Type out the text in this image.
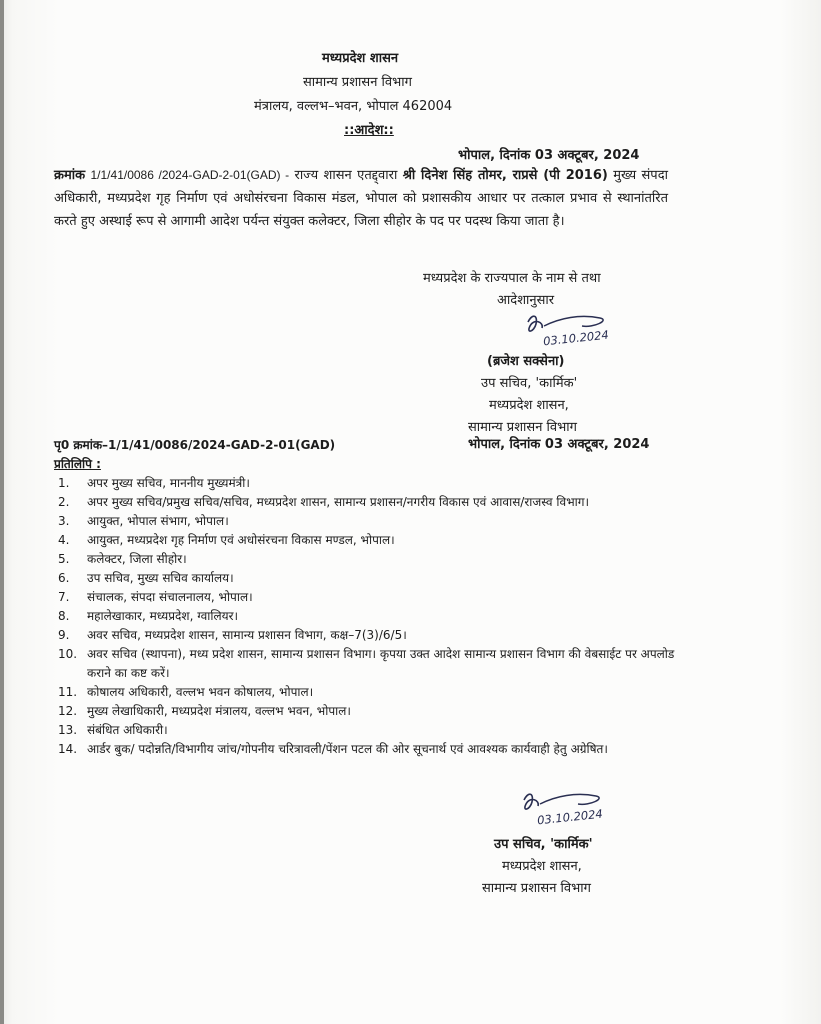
मध्यप्रदेश शासन
सामान्य प्रशासन विभाग
मंत्रालय, वल्लभ–भवन, भोपाल 462004
::आदेश::
भोपाल, दिनांक 03 अक्टूबर, 2024
क्रमांक 1/1/41/0086 /2024-GAD-2-01(GAD) - राज्य शासन एतद्द्वारा श्री दिनेश सिंह तोमर, राप्रसे (पी 2016) मुख्य संपदा अधिकारी, मध्यप्रदेश गृह निर्माण एवं अधोसंरचना विकास मंडल, भोपाल को प्रशासकीय आधार पर तत्काल प्रभाव से स्थानांतरित करते हुए अस्थाई रूप से आगामी आदेश पर्यन्त संयुक्त कलेक्टर, जिला सीहोर के पद पर पदस्थ किया जाता है।
मध्यप्रदेश के राज्यपाल के नाम से तथा
आदेशानुसार
03.10.2024
(ब्रजेश सक्सेना)
उप सचिव, 'कार्मिक'
मध्यप्रदेश शासन,
सामान्य प्रशासन विभाग
पृ0 क्रमांक–1/1/41/0086/2024-GAD-2-01(GAD)	भोपाल, दिनांक 03 अक्टूबर, 2024
प्रतिलिपि :
1. अपर मुख्य सचिव, माननीय मुख्यमंत्री।
2. अपर मुख्य सचिव/प्रमुख सचिव/सचिव, मध्यप्रदेश शासन, सामान्य प्रशासन/नगरीय विकास एवं आवास/राजस्व विभाग।
3. आयुक्त, भोपाल संभाग, भोपाल।
4. आयुक्त, मध्यप्रदेश गृह निर्माण एवं अधोसंरचना विकास मण्डल, भोपाल।
5. कलेक्टर, जिला सीहोर।
6. उप सचिव, मुख्य सचिव कार्यालय।
7. संचालक, संपदा संचालनालय, भोपाल।
8. महालेखाकार, मध्यप्रदेश, ग्वालियर।
9. अवर सचिव, मध्यप्रदेश शासन, सामान्य प्रशासन विभाग, कक्ष–7(3)/6/5।
10. अवर सचिव (स्थापना), मध्य प्रदेश शासन, सामान्य प्रशासन विभाग। कृपया उक्त आदेश सामान्य प्रशासन विभाग की वेबसाईट पर अपलोड कराने का कष्ट करें।
11. कोषालय अधिकारी, वल्लभ भवन कोषालय, भोपाल।
12. मुख्य लेखाधिकारी, मध्यप्रदेश मंत्रालय, वल्लभ भवन, भोपाल।
13. संबंधित अधिकारी।
14. आर्डर बुक/ पदोन्नति/विभागीय जांच/गोपनीय चरित्रावली/पेंशन पटल की ओर सूचनार्थ एवं आवश्यक कार्यवाही हेतु अग्रेषित।
03.10.2024
उप सचिव, 'कार्मिक'
मध्यप्रदेश शासन,
सामान्य प्रशासन विभाग
